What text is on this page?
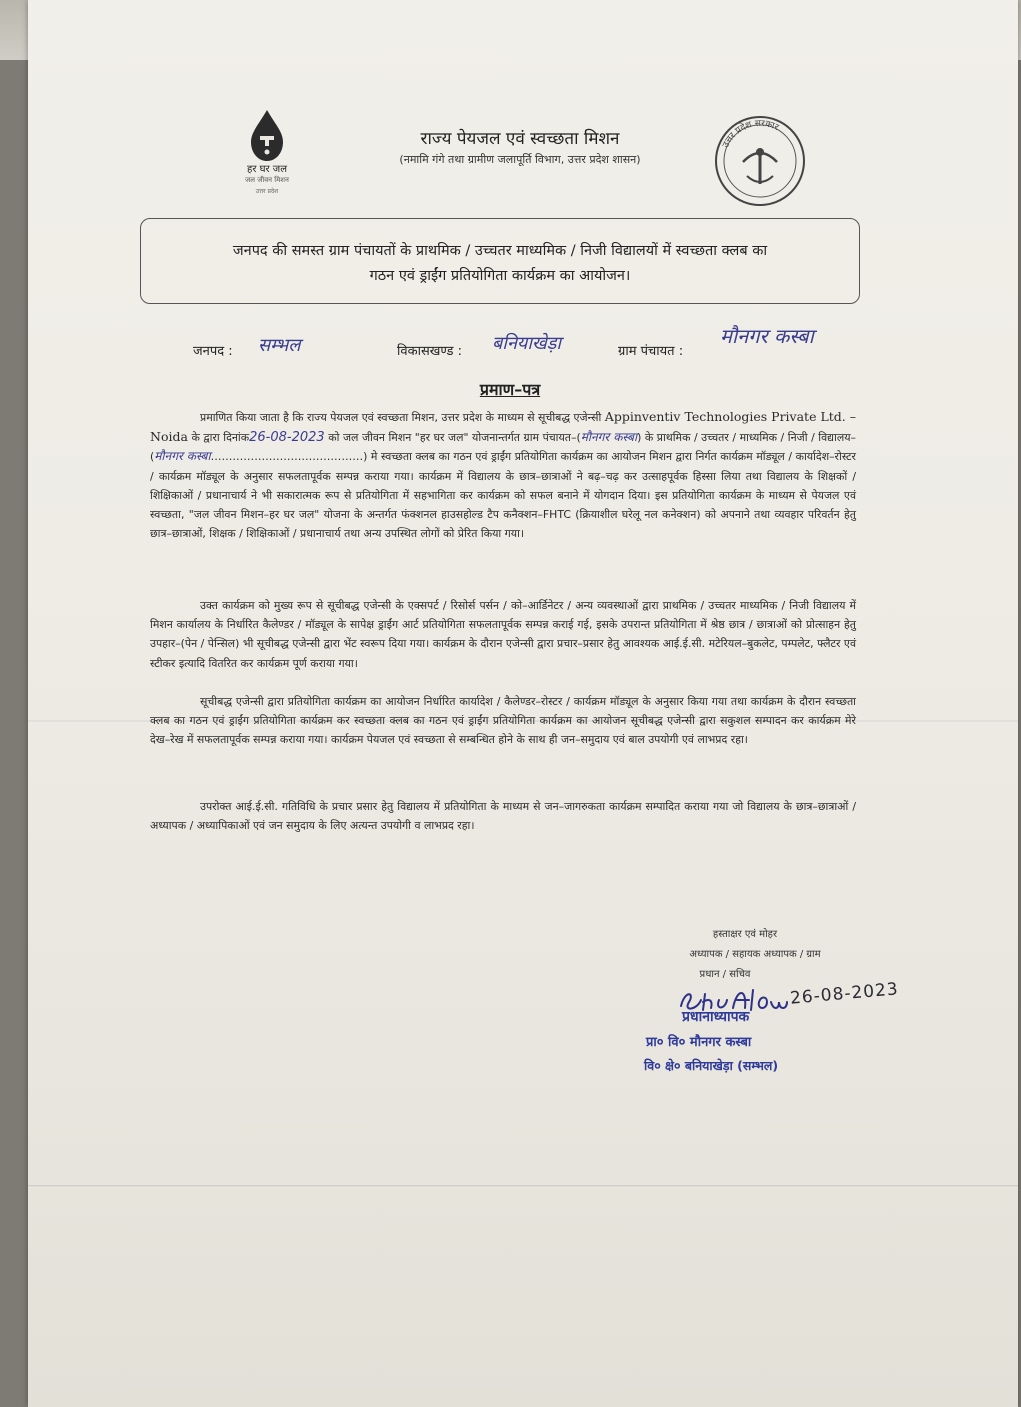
हर घर जल
जल जीवन मिशन
उत्तर प्रदेश
राज्य पेयजल एवं स्वच्छता मिशन
(नमामि गंगे तथा ग्रामीण जलापूर्ति विभाग, उत्तर प्रदेश शासन)
उत्तर प्रदेश सरकार
जनपद की समस्त ग्राम पंचायतों के प्राथमिक / उच्चतर माध्यमिक / निजी विद्यालयों में स्वच्छता क्लब का
गठन एवं ड्राईंग प्रतियोगिता कार्यक्रम का आयोजन।
जनपद : सम्भल	विकासखण्ड : बनियाखेड़ा	ग्राम पंचायत :
मौनगर कस्बा
प्रमाण–पत्र
प्रमाणित किया जाता है कि राज्य पेयजल एवं स्वच्छता मिशन, उत्तर प्रदेश के माध्यम से सूचीबद्ध एजेन्सी Appinventiv Technologies Private Ltd. – Noida के द्वारा दिनांक26-08-2023 को जल जीवन मिशन "हर घर जल" योजनान्तर्गत ग्राम पंचायत–(मौनगर कस्बा) के प्राथमिक / उच्चतर / माध्यमिक / निजी / विद्यालय–(मौनगर कस्बा……………………………………) मे स्वच्छता क्लब का गठन एवं ड्राईंग प्रतियोगिता कार्यक्रम का आयोजन मिशन द्वारा निर्गत कार्यक्रम मॉड्यूल / कार्यादेश–रोस्टर / कार्यक्रम मॉड्यूल के अनुसार सफलतापूर्वक सम्पन्न कराया गया। कार्यक्रम में विद्यालय के छात्र–छात्राओं ने बढ़–चढ़ कर उत्साहपूर्वक हिस्सा लिया तथा विद्यालय के शिक्षकों / शिक्षिकाओं / प्रधानाचार्य ने भी सकारात्मक रूप से प्रतियोगिता में सहभागिता कर कार्यक्रम को सफल बनाने में योगदान दिया। इस प्रतियोगिता कार्यक्रम के माध्यम से पेयजल एवं स्वच्छता, "जल जीवन मिशन–हर घर जल" योजना के अन्तर्गत फंक्शनल हाउसहोल्ड टैप कनैक्शन–FHTC (क्रियाशील घरेलू नल कनेक्शन) को अपनाने तथा व्यवहार परिवर्तन हेतु छात्र–छात्राओं, शिक्षक / शिक्षिकाओं / प्रधानाचार्य तथा अन्य उपस्थित लोगों को प्रेरित किया गया।
उक्त कार्यक्रम को मुख्य रूप से सूचीबद्ध एजेन्सी के एक्सपर्ट / रिसोर्स पर्सन / को–आर्डिनेटर / अन्य व्यवस्थाओं द्वारा प्राथमिक / उच्चतर माध्यमिक / निजी विद्यालय में मिशन कार्यालय के निर्धारित कैलेण्डर / मॉड्यूल के सापेक्ष ड्राईंग आर्ट प्रतियोगिता सफलतापूर्वक सम्पन्न कराई गई, इसके उपरान्त प्रतियोगिता में श्रेष्ठ छात्र / छात्राओं को प्रोत्साहन हेतु उपहार–(पेन / पेन्सिल) भी सूचीबद्ध एजेन्सी द्वारा भेंट स्वरूप दिया गया। कार्यक्रम के दौरान एजेन्सी द्वारा प्रचार–प्रसार हेतु आवश्यक आई.ई.सी. मटेरियल–बुकलेट, पम्पलेट, फ्लैटर एवं स्टीकर इत्यादि वितरित कर कार्यक्रम पूर्ण कराया गया।
सूचीबद्ध एजेन्सी द्वारा प्रतियोगिता कार्यक्रम का आयोजन निर्धारित कार्यादेश / कैलेण्डर–रोस्टर / कार्यक्रम मॉड्यूल के अनुसार किया गया तथा कार्यक्रम के दौरान स्वच्छता क्लब का गठन एवं ड्राईंग प्रतियोगिता कार्यक्रम कर स्वच्छता क्लब का गठन एवं ड्राईंग प्रतियोगिता कार्यक्रम का आयोजन सूचीबद्ध एजेन्सी द्वारा सकुशल सम्पादन कर कार्यक्रम मेरे देख–रेख में सफलतापूर्वक सम्पन्न कराया गया। कार्यक्रम पेयजल एवं स्वच्छता से सम्बन्धित होने के साथ ही जन–समुदाय एवं बाल उपयोगी एवं लाभप्रद रहा।
उपरोक्त आई.ई.सी. गतिविधि के प्रचार प्रसार हेतु विद्यालय में प्रतियोगिता के माध्यम से जन–जागरुकता कार्यक्रम सम्पादित कराया गया जो विद्यालय के छात्र–छात्राओं / अध्यापक / अध्यापिकाओं एवं जन समुदाय के लिए अत्यन्त उपयोगी व लाभप्रद रहा।
हस्ताक्षर एवं मोहर
अध्यापक / सहायक अध्यापक / ग्राम
प्रधान / सचिव
26-08-2023
प्रधानाध्यापक
प्रा० वि० मौनगर कस्बा
वि० क्षे० बनियाखेड़ा (सम्भल)
